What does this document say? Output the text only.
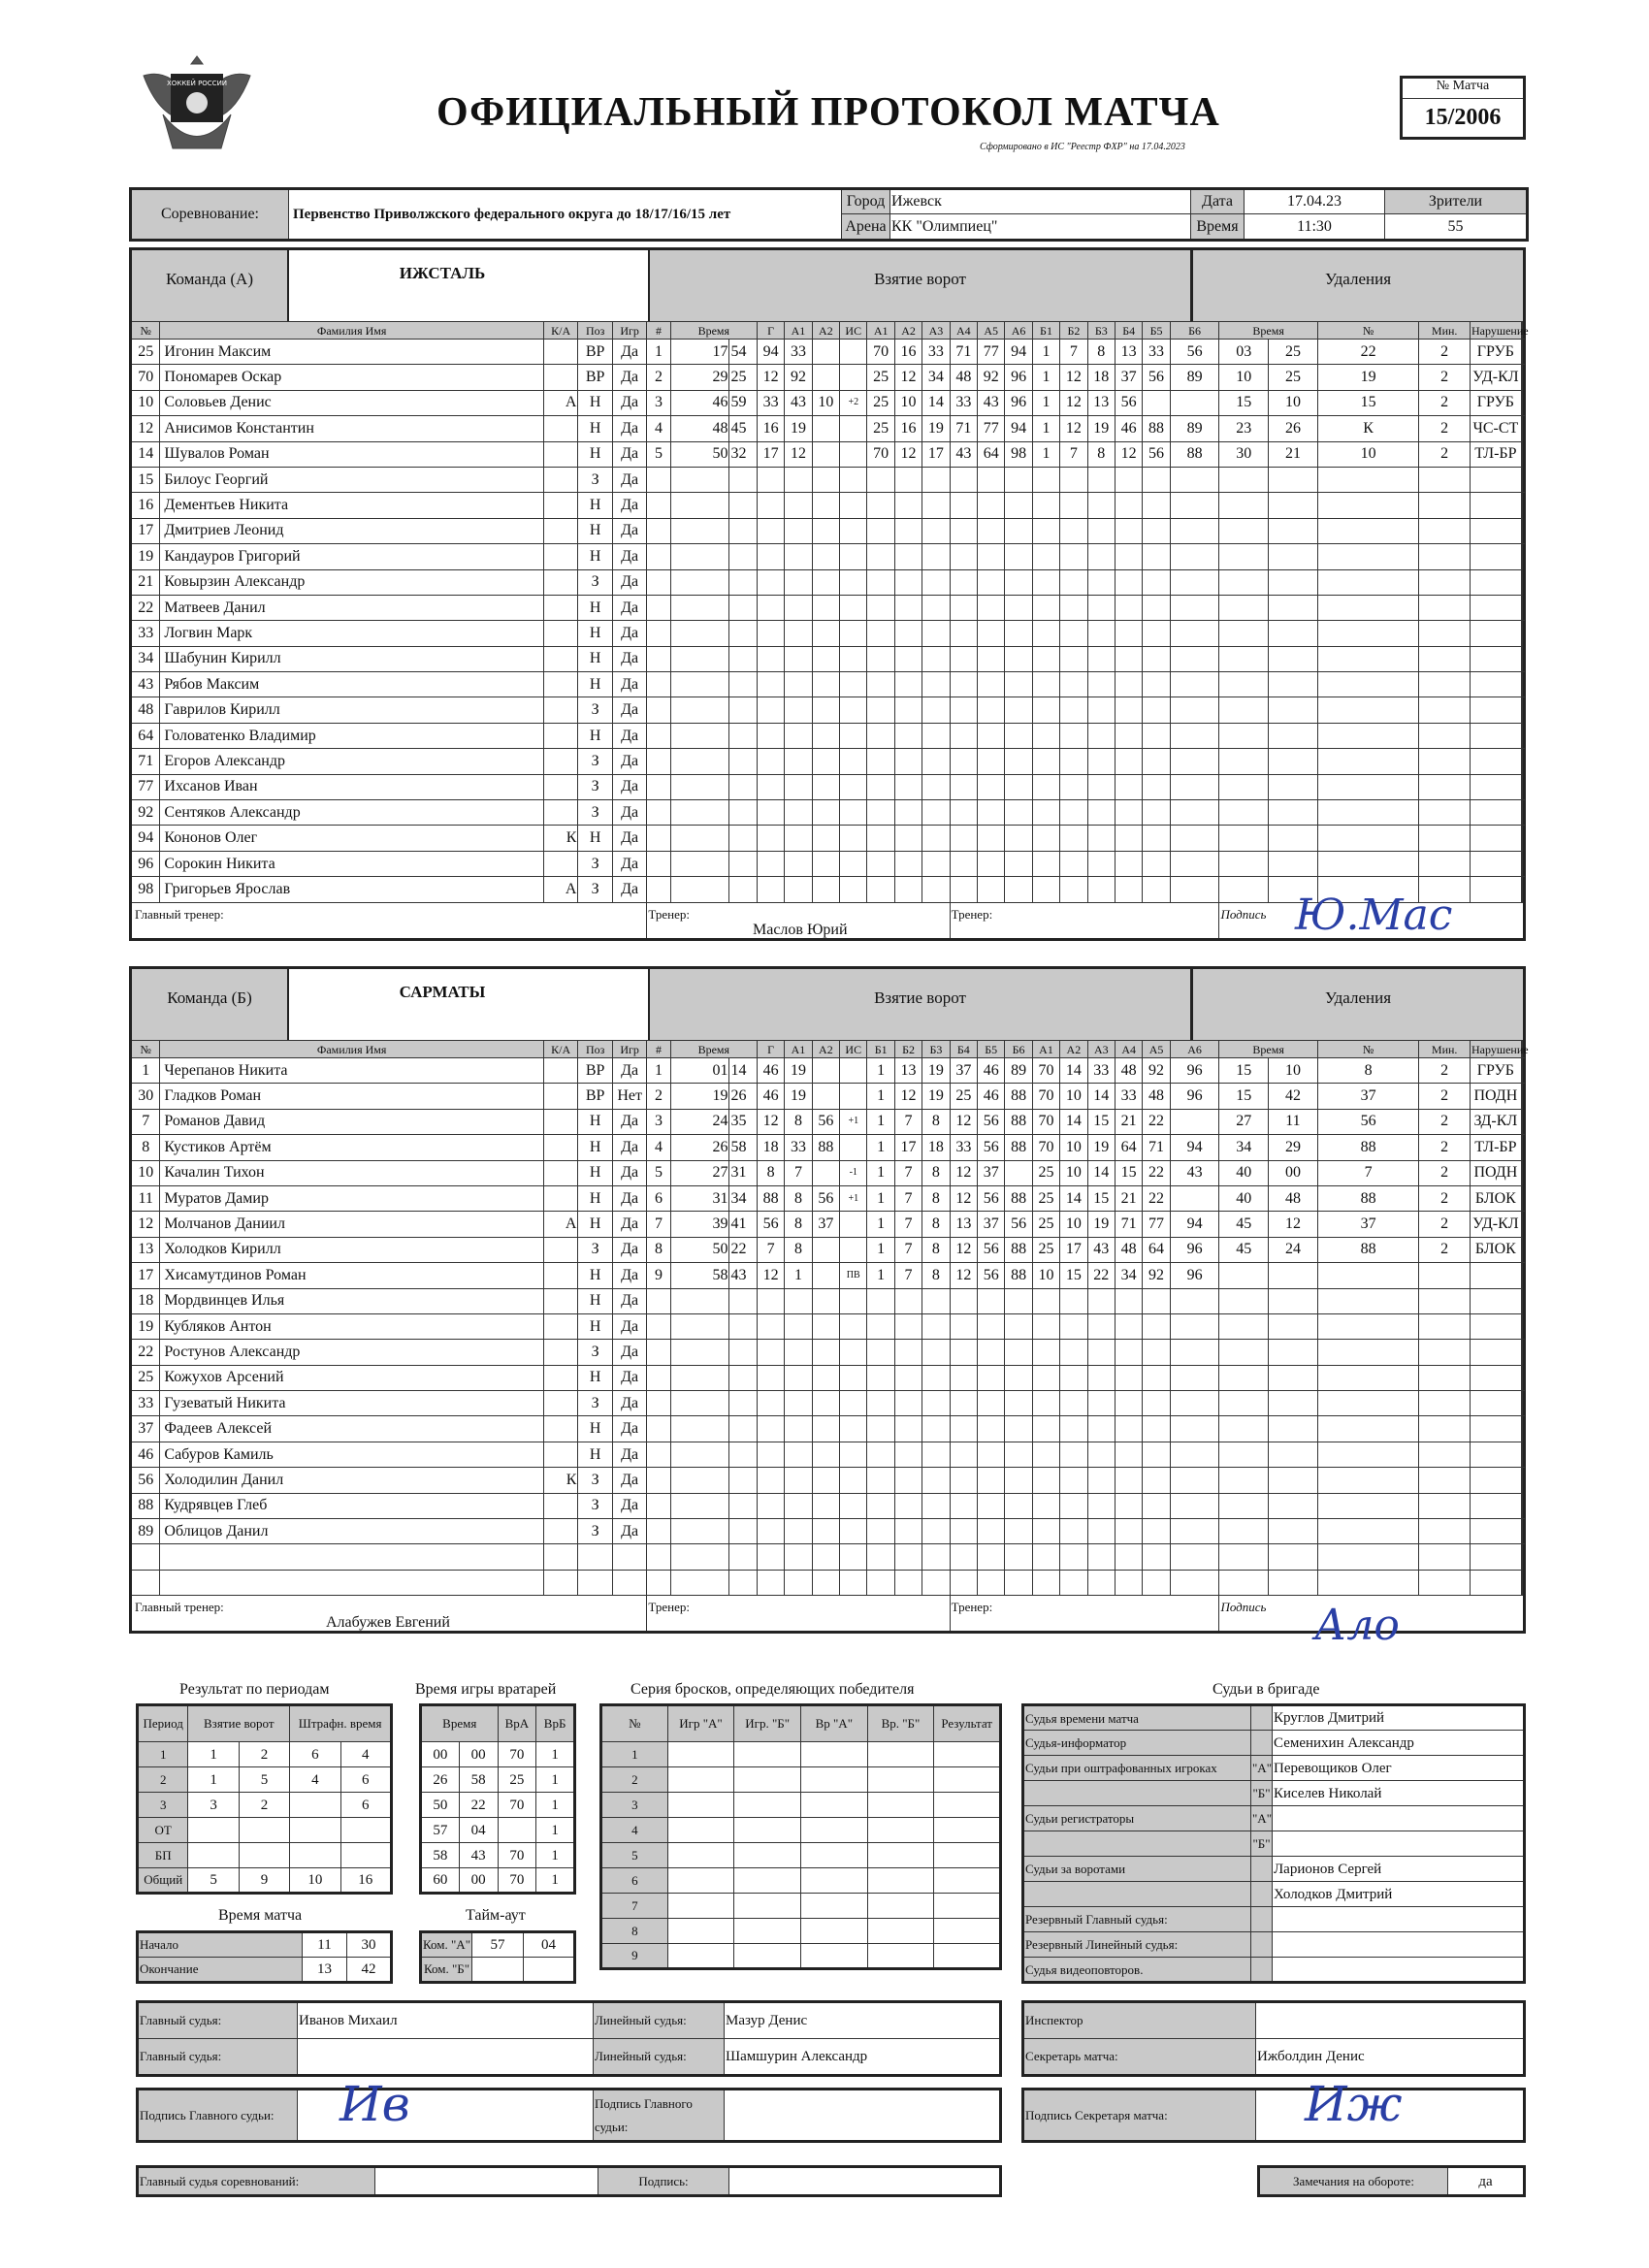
ХОККЕЙ РОССИИ
ОФИЦИАЛЬНЫЙ ПРОТОКОЛ МАТЧА
Сформировано в ИС "Реестр ФХР" на 17.04.2023
№ Матча
15/2006
Соревнование:	Первенство Приволжского федерального округа до 18/17/16/15 лет	Город	Ижевск	Дата	17.04.23	Зрители
		Арена	КК "Олимпиец"	Время	11:30	55
Команда (А)	ИЖСТАЛЬ	Взятие ворот	Удаления
№	Фамилия Имя	К/А	Поз	Игр	#	Время		Г	А1	А2	ИС	А1	А2	А3	А4	А5	А6	Б1	Б2	Б3	Б4	Б5	Б6	Время		№	Мин.	Нарушение		
25	Игонин Максим		ВР	Да	1	17	54	94	33			70	16	33	71	77	94	1	7	8	13	33	56	03	25	22	2	ГРУБ				
70	Пономарев Оскар		ВР	Да	2	29	25	12	92			25	12	34	48	92	96	1	12	18	37	56	89	10	25	19	2	УД-КЛ				
10	Соловьев Денис	А	Н	Да	3	46	59	33	43	10	+2	25	10	14	33	43	96	1	12	13	56			15	10	15	2	ГРУБ				
12	Анисимов Константин		Н	Да	4	48	45	16	19			25	16	19	71	77	94	1	12	19	46	88	89	23	26	К	2	ЧС-СТ				
14	Шувалов Роман		Н	Да	5	50	32	17	12			70	12	17	43	64	98	1	7	8	12	56	88	30	21	10	2	ТЛ-БР				
15	Билоус Георгий		З	Да																												
16	Дементьев Никита		Н	Да																												
17	Дмитриев Леонид		Н	Да																												
19	Кандауров Григорий		Н	Да																												
21	Ковырзин Александр		З	Да																												
22	Матвеев Данил		Н	Да																												
33	Логвин Марк		Н	Да																												
34	Шабунин Кирилл		Н	Да																												
43	Рябов Максим		Н	Да																												
48	Гаврилов Кирилл		З	Да																												
64	Головатенко Владимир		Н	Да																												
71	Егоров Александр		З	Да																												
77	Ихсанов Иван		З	Да																												
92	Сентяков Александр		З	Да																												
94	Кононов Олег	К	Н	Да																												
96	Сорокин Никита		З	Да																												
98	Григорьев Ярослав	А	З	Да																												

Главный тренер:
Маслов Юрий					Тренер:										Тренер:									Подпись						
Команда (Б)	САРМАТЫ	Взятие ворот	Удаления
№	Фамилия Имя	К/А	Поз	Игр	#	Время		Г	А1	А2	ИС	Б1	Б2	Б3	Б4	Б5	Б6	А1	А2	А3	А4	А5	А6	Время		№	Мин.	Нарушение		
1	Черепанов Никита		ВР	Да	1	01	14	46	19			1	13	19	37	46	89	70	14	33	48	92	96	15	10	8	2	ГРУБ				
30	Гладков Роман		ВР	Нет	2	19	26	46	19			1	12	19	25	46	88	70	10	14	33	48	96	15	42	37	2	ПОДН				
7	Романов Давид		Н	Да	3	24	35	12	8	56	+1	1	7	8	12	56	88	70	14	15	21	22		27	11	56	2	ЗД-КЛ				
8	Кустиков Артём		Н	Да	4	26	58	18	33	88		1	17	18	33	56	88	70	10	19	64	71	94	34	29	88	2	ТЛ-БР				
10	Качалин Тихон		Н	Да	5	27	31	8	7		-1	1	7	8	12	37		25	10	14	15	22	43	40	00	7	2	ПОДН				
11	Муратов Дамир		Н	Да	6	31	34	88	8	56	+1	1	7	8	12	56	88	25	14	15	21	22		40	48	88	2	БЛОК				
12	Молчанов Даниил	А	Н	Да	7	39	41	56	8	37		1	7	8	13	37	56	25	10	19	71	77	94	45	12	37	2	УД-КЛ				
13	Холодков Кирилл		З	Да	8	50	22	7	8			1	7	8	12	56	88	25	17	43	48	64	96	45	24	88	2	БЛОК				
17	Хисамутдинов Роман		Н	Да	9	58	43	12	1		ПВ	1	7	8	12	56	88	10	15	22	34	92	96									
18	Мордвинцев Илья		Н	Да																												
19	Кубляков Антон		Н	Да																												
22	Ростунов Александр		З	Да																												
25	Кожухов Арсений		Н	Да																												
33	Гузеватый Никита		З	Да																												
37	Фадеев Алексей		Н	Да																												
46	Сабуров Камиль		Н	Да																												
56	Холодилин Данил	К	З	Да																												
88	Кудрявцев Глеб		З	Да																												
89	Облицов Данил		З	Да																												

Главный тренер:
Алабужев Евгений					Тренер:										Тренер:									Подпись						
Ю.Мас
Ало
Результат по периодам
Период	Взятие ворот		Штрафн. время	
1	1	2	6	4
2	1	5	4	6
3	3	2		6
ОТ				
БП				
Общий	5	9	10	16
Время игры вратарей
Время		ВрА	ВрБ
00	00	70	1
26	58	25	1
50	22	70	1
57	04		1
58	43	70	1
60	00	70	1
Время матча
Начало	11	30
Окончание	13	42
Тайм-аут
Ком. "А"	57	04
Ком. "Б"		
Серия бросков, определяющих победителя
№	Игр "А"	Игр. "Б"	Вр "А"	Вр. "Б"	Результат
1					
2					
3					
4					
5					
6					
7					
8					
9					
Судьи в бригаде
Судья времени матча		Круглов Дмитрий
Судья-информатор		Семенихин Александр
Судьи при оштрафованных игроках	"А"	Перевощиков Олег
	"Б"	Киселев Николай
Судьи регистраторы	"А"	
	"Б"	
Судьи за воротами		Ларионов Сергей
		Холодков Дмитрий
Резервный Главный судья:		
Резервный Линейный судья:		
Судья видеоповторов.		
Главный судья:	Иванов Михаил	Линейный судья:	Мазур Денис
Главный судья:		Линейный судья:	Шамшурин Александр
Инспектор	
Секретарь матча:	Ижболдин Денис
Подпись Главного судьи:		Подпись Главного судьи:	
Подпись Секретаря матча:	
Ив	Иж
Главный судья соревнований:		Подпись:		Замечания на обороте:	да
